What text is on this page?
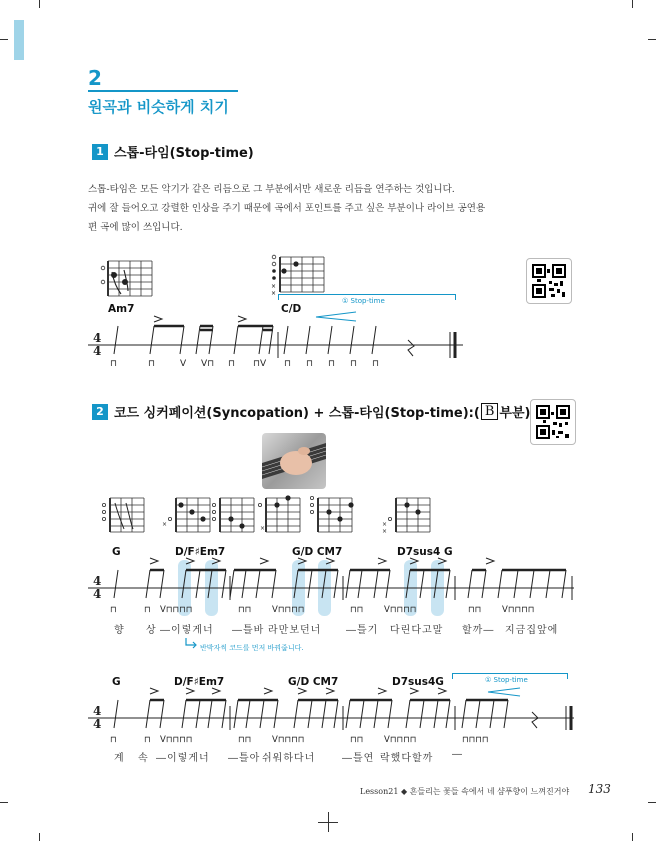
2
원곡과 비슷하게 치기
1 스톱-타임(Stop-time)

스톱-타임은 모든 악기가 같은 리듬으로 그 부분에서만 새로운 리듬을 연주하는 것입니다.

귀에 잘 들어오고 강렬한 인상을 주기 때문에 곡에서 포인트를 주고 싶은 부분이나 라이브 공연용

편 곡에 많이 쓰입니다.

×
×
Am7	C/D
① Stop-time
4
4
⊓	⊓	V V⊓ ⊓ ⊓V ⊓ ⊓ ⊓ ⊓ ⊓
2 코드 싱커페이션(Syncopation) + 스톱-타임(Stop-time):( B 부분)
×
×
×
×
G	D/F♯Em7	G/D CM7	D7sus4 G
4
4
⊓	⊓ V⊓⊓⊓⊓	⊓⊓ V⊓⊓⊓⊓	⊓⊓ V⊓⊓⊓⊓	⊓⊓ V⊓⊓⊓⊓
향 상 ―이렇게너 ―틀바 라만보던너 ―틀기 다린다고말 할까― 지금집앞에
반박자씩 코드를 먼저 바꿔줍니다.
G	D/F♯Em7	G/D CM7	D7sus4G	① Stop-time
4
4
⊓	⊓ V⊓⊓⊓⊓	⊓⊓ V⊓⊓⊓⊓	⊓⊓ V⊓⊓⊓⊓	⊓⊓⊓⊓
계 속 ―이렇게너 ―틀아 쉬워하다너	―틀연 락했다할까 ―
Lesson21 ◆ 흔들리는 꽃들 속에서 네 샴푸향이 느껴진거야 133
